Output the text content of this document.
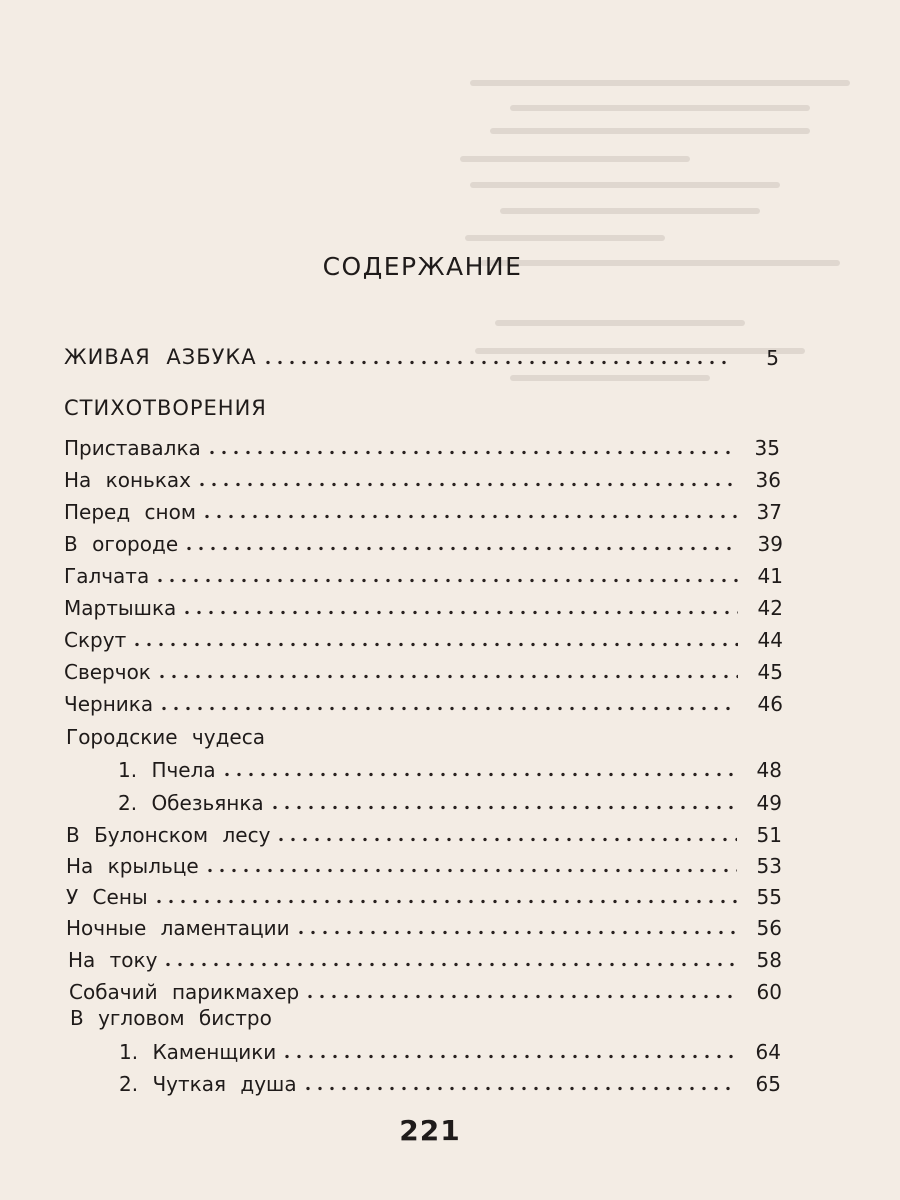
СОДЕРЖАНИЕ
ЖИВАЯ АЗБУКА	5
СТИХОТВОРЕНИЯ
Приставалка	35
На коньках	36
Перед сном	37
В огороде	39
Галчата	41
Мартышка	42
Скрут	44
Сверчок	45
Черника	46
Городские чудеса
1. Пчела	48
2. Обезьянка	49
В Булонском лесу	51
На крыльце	53
У Сены	55
Ночные ламентации	56
На току	58
Собачий парикмахер	60
В угловом бистро
1. Каменщики	64
2. Чуткая душа	65
221
